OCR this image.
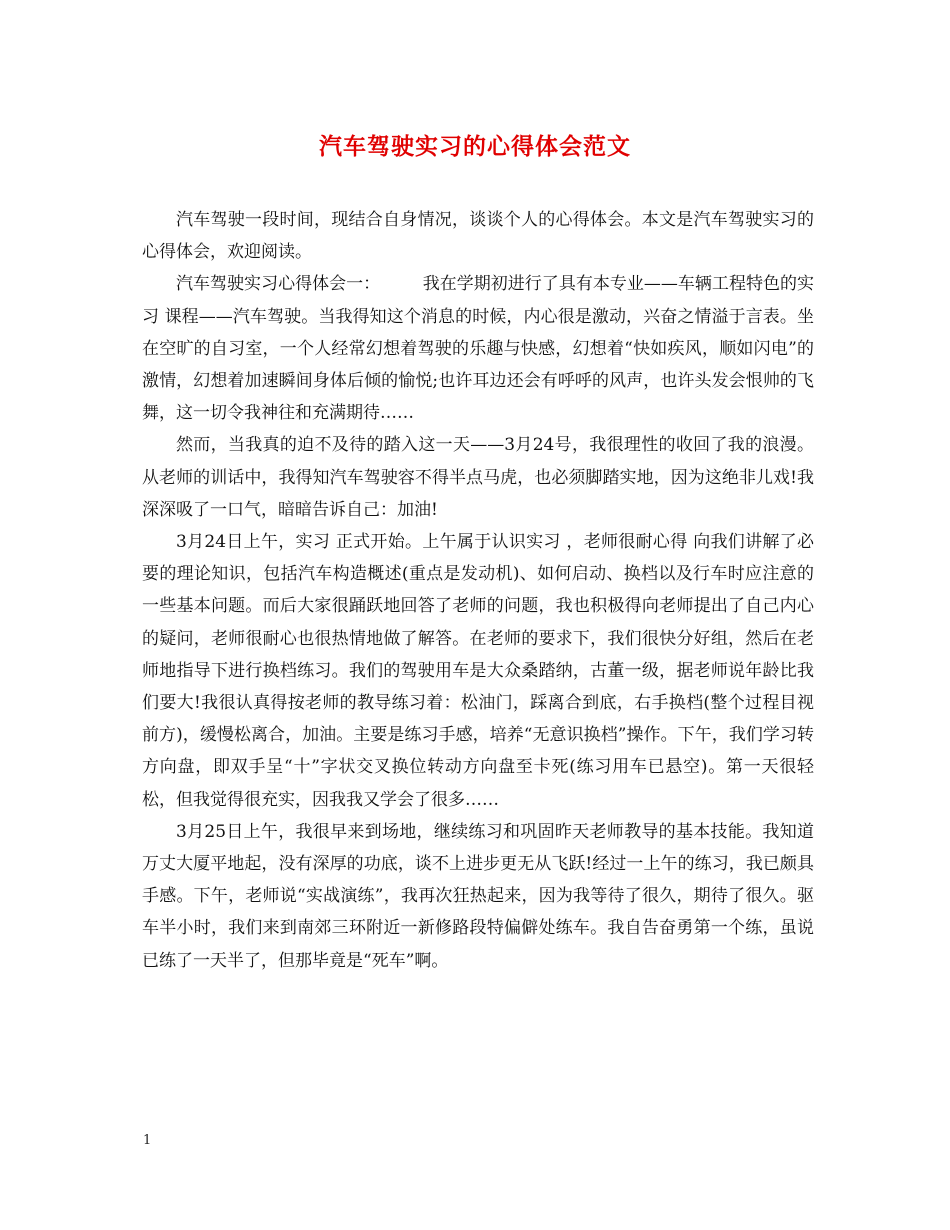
汽车驾驶实习的心得体会范文

汽车驾驶一段时间，现结合自身情况，谈谈个人的心得体会。本文是汽车驾驶实习的心得体会，欢迎阅读。

汽车驾驶实习心得体会一：　　　我在学期初进行了具有本专业——车辆工程特色的实习 课程——汽车驾驶。当我得知这个消息的时候，内心很是激动，兴奋之情溢于言表。坐在空旷的自习室，一个人经常幻想着驾驶的乐趣与快感，幻想着“快如疾风，顺如闪电”的激情，幻想着加速瞬间身体后倾的愉悦;也许耳边还会有呼呼的风声，也许头发会恨帅的飞舞，这一切令我神往和充满期待……

然而，当我真的迫不及待的踏入这一天——3月24号，我很理性的收回了我的浪漫。从老师的训话中，我得知汽车驾驶容不得半点马虎，也必须脚踏实地，因为这绝非儿戏!我深深吸了一口气，暗暗告诉自己：加油!

3月24日上午，实习 正式开始。上午属于认识实习 ，老师很耐心得 向我们讲解了必要的理论知识，包括汽车构造概述(重点是发动机)、如何启动、换档以及行车时应注意的一些基本问题。而后大家很踊跃地回答了老师的问题，我也积极得向老师提出了自己内心的疑问，老师很耐心也很热情地做了解答。在老师的要求下，我们很快分好组，然后在老师地指导下进行换档练习。我们的驾驶用车是大众桑踏纳，古董一级，据老师说年龄比我们要大!我很认真得按老师的教导练习着：松油门，踩离合到底，右手换档(整个过程目视前方)，缓慢松离合，加油。主要是练习手感，培养“无意识换档”操作。下午，我们学习转方向盘，即双手呈“十”字状交叉换位转动方向盘至卡死(练习用车已悬空)。第一天很轻松，但我觉得很充实，因我我又学会了很多……

3月25日上午，我很早来到场地，继续练习和巩固昨天老师教导的基本技能。我知道万丈大厦平地起，没有深厚的功底，谈不上进步更无从飞跃!经过一上午的练习，我已颇具手感。下午，老师说“实战演练”，我再次狂热起来，因为我等待了很久，期待了很久。驱车半小时，我们来到南郊三环附近一新修路段特偏僻处练车。我自告奋勇第一个练，虽说已练了一天半了，但那毕竟是“死车”啊。

1
